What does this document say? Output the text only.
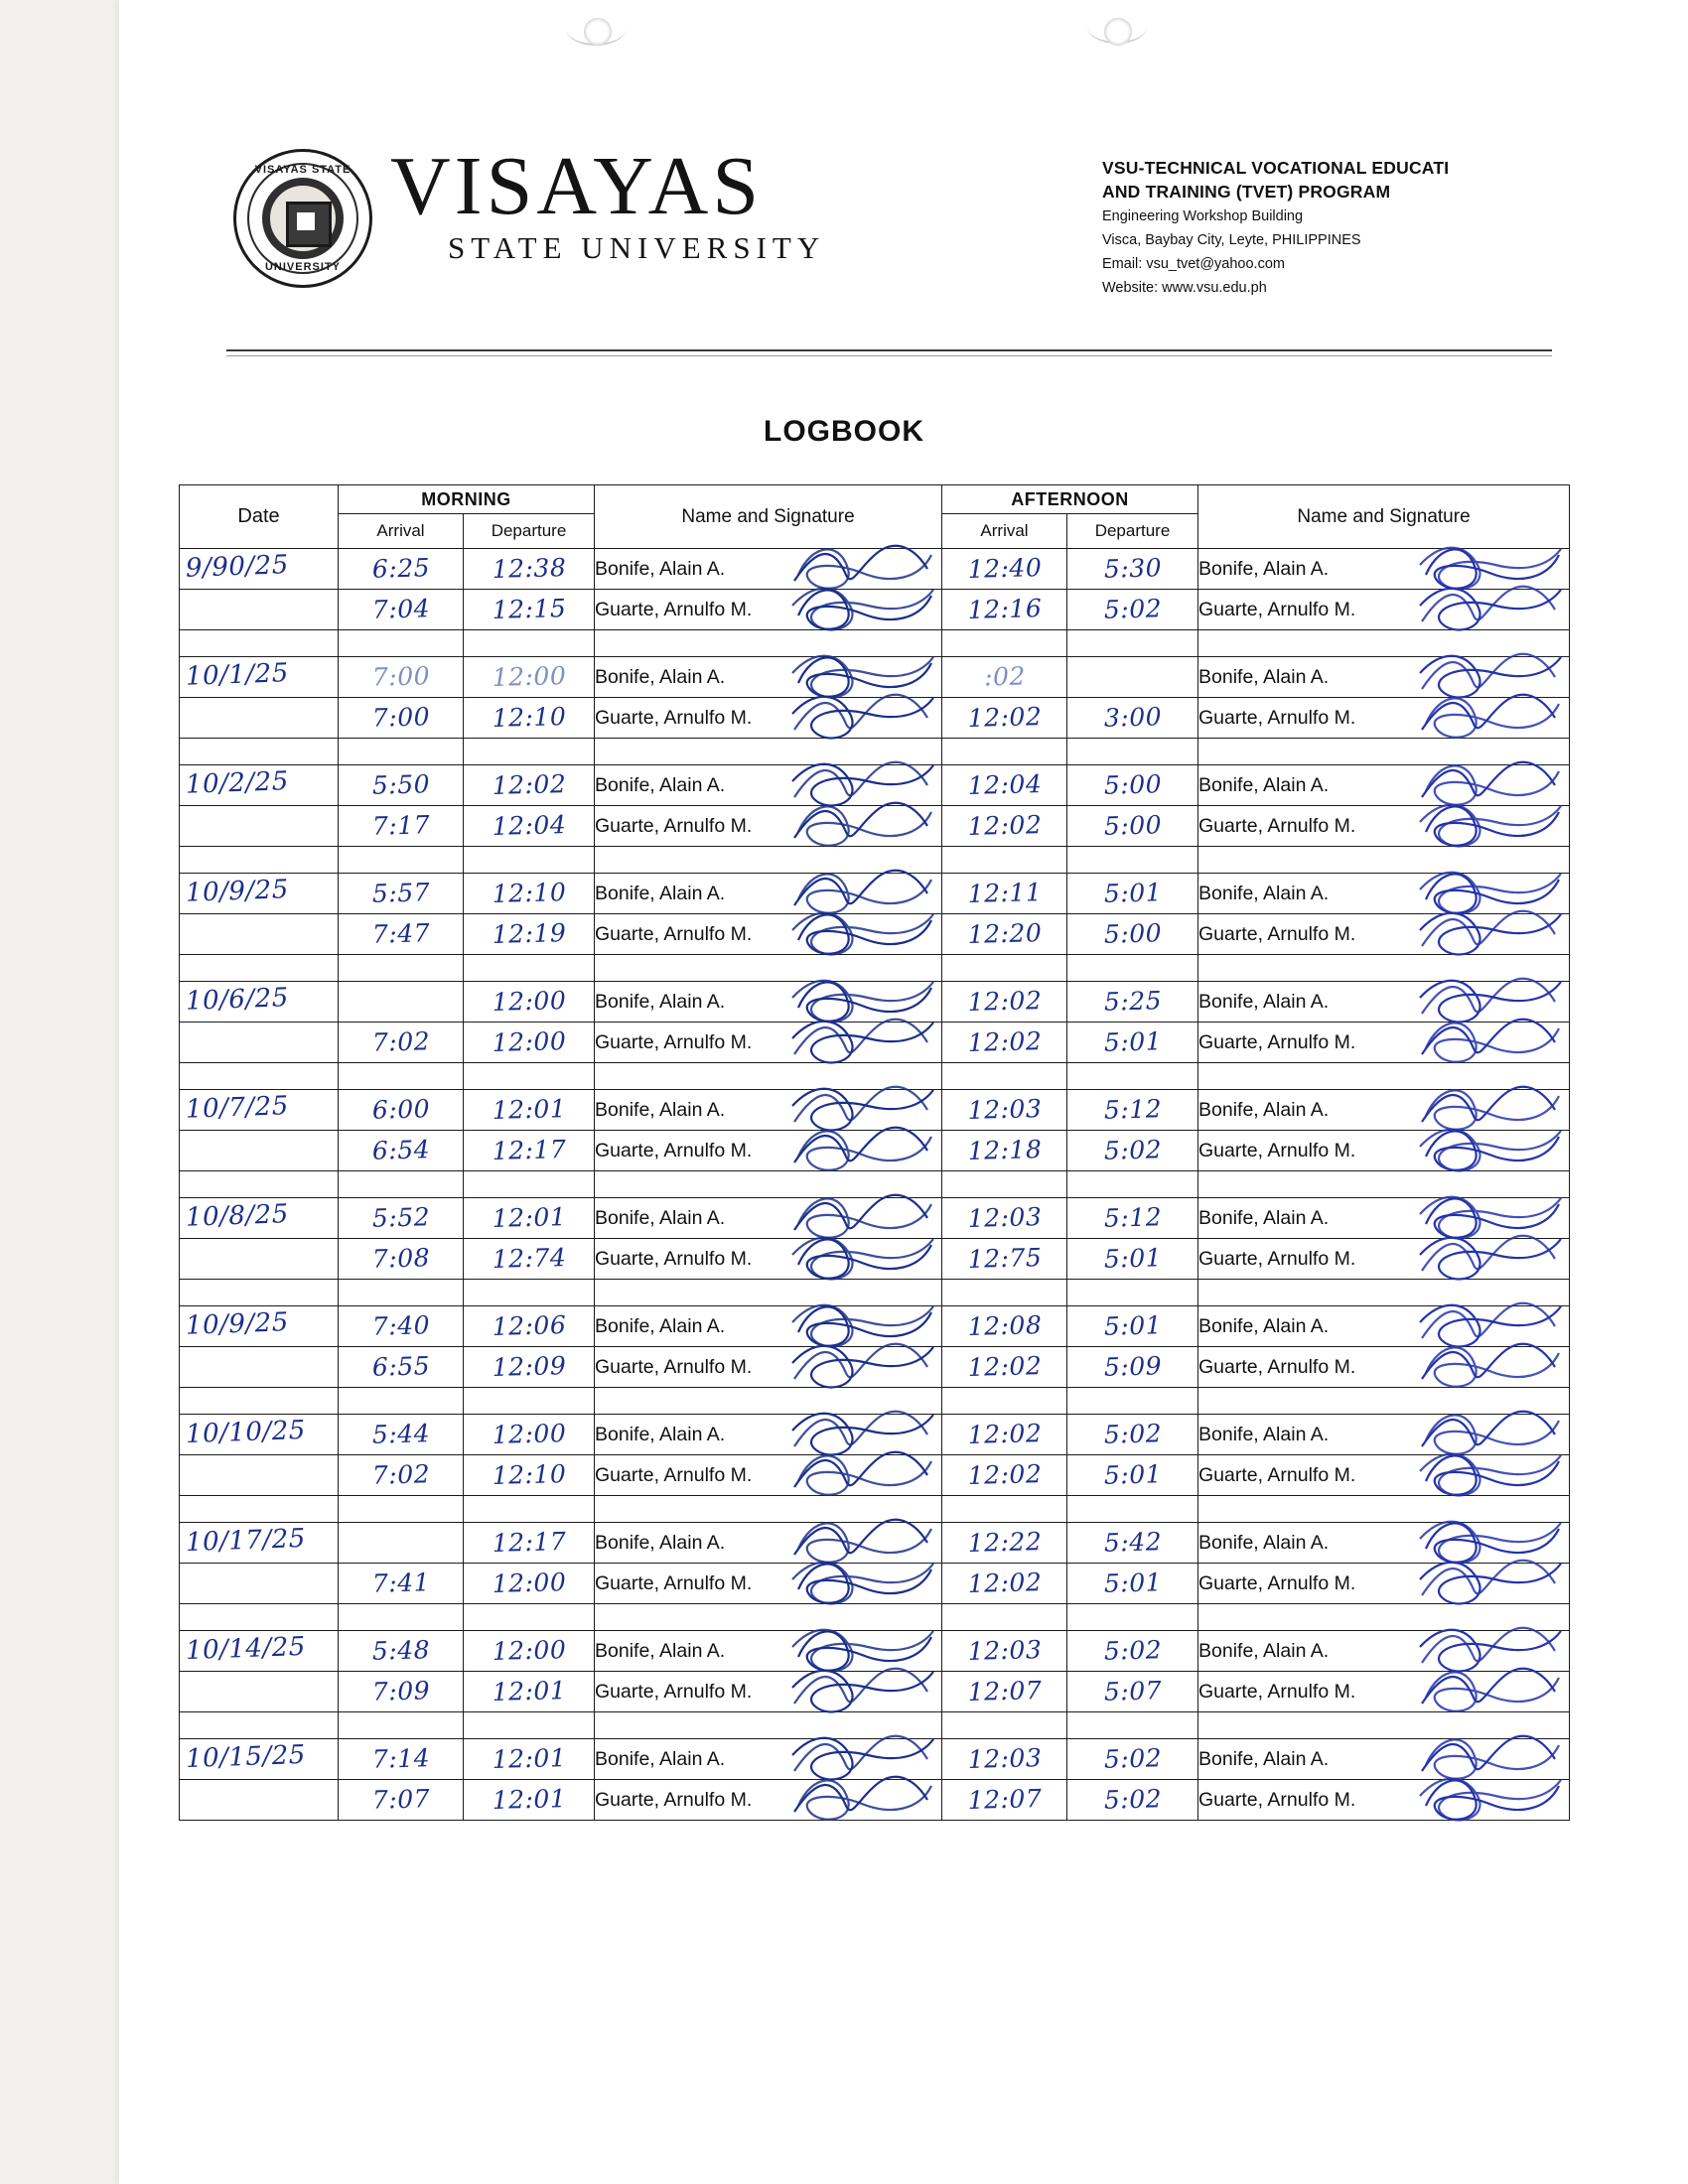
VISAYAS STATE
UNIVERSITY
VISAYAS
STATE UNIVERSITY
VSU-TECHNICAL VOCATIONAL EDUCATI
AND TRAINING (TVET) PROGRAM
Engineering Workshop Building
Visca, Baybay City, Leyte, PHILIPPINES
Email: vsu_tvet@yahoo.com
Website: www.vsu.edu.ph
LOGBOOK
Date	MORNING		Name and Signature	AFTERNOON		Name and Signature
	Arrival	Departure		Arrival	Departure	

9/90/25	6:25	12:38	Bonife, Alain A.	12:40	5:30	Bonife, Alain A.

	7:04	12:15	Guarte, Arnulfo M.	12:16	5:02	Guarte, Arnulfo M.

10/1/25	7:00	12:00	Bonife, Alain A.	:02		Bonife, Alain A.

	7:00	12:10	Guarte, Arnulfo M.	12:02	3:00	Guarte, Arnulfo M.

10/2/25	5:50	12:02	Bonife, Alain A.	12:04	5:00	Bonife, Alain A.

	7:17	12:04	Guarte, Arnulfo M.	12:02	5:00	Guarte, Arnulfo M.

10/9/25	5:57	12:10	Bonife, Alain A.	12:11	5:01	Bonife, Alain A.

	7:47	12:19	Guarte, Arnulfo M.	12:20	5:00	Guarte, Arnulfo M.

10/6/25		12:00	Bonife, Alain A.	12:02	5:25	Bonife, Alain A.

	7:02	12:00	Guarte, Arnulfo M.	12:02	5:01	Guarte, Arnulfo M.

10/7/25	6:00	12:01	Bonife, Alain A.	12:03	5:12	Bonife, Alain A.

	6:54	12:17	Guarte, Arnulfo M.	12:18	5:02	Guarte, Arnulfo M.

10/8/25	5:52	12:01	Bonife, Alain A.	12:03	5:12	Bonife, Alain A.

	7:08	12:74	Guarte, Arnulfo M.	12:75	5:01	Guarte, Arnulfo M.

10/9/25	7:40	12:06	Bonife, Alain A.	12:08	5:01	Bonife, Alain A.

	6:55	12:09	Guarte, Arnulfo M.	12:02	5:09	Guarte, Arnulfo M.

10/10/25	5:44	12:00	Bonife, Alain A.	12:02	5:02	Bonife, Alain A.

	7:02	12:10	Guarte, Arnulfo M.	12:02	5:01	Guarte, Arnulfo M.

10/17/25		12:17	Bonife, Alain A.	12:22	5:42	Bonife, Alain A.

	7:41	12:00	Guarte, Arnulfo M.	12:02	5:01	Guarte, Arnulfo M.

10/14/25	5:48	12:00	Bonife, Alain A.	12:03	5:02	Bonife, Alain A.

	7:09	12:01	Guarte, Arnulfo M.	12:07	5:07	Guarte, Arnulfo M.

10/15/25	7:14	12:01	Bonife, Alain A.	12:03	5:02	Bonife, Alain A.

	7:07	12:01	Guarte, Arnulfo M.	12:07	5:02	Guarte, Arnulfo M.
